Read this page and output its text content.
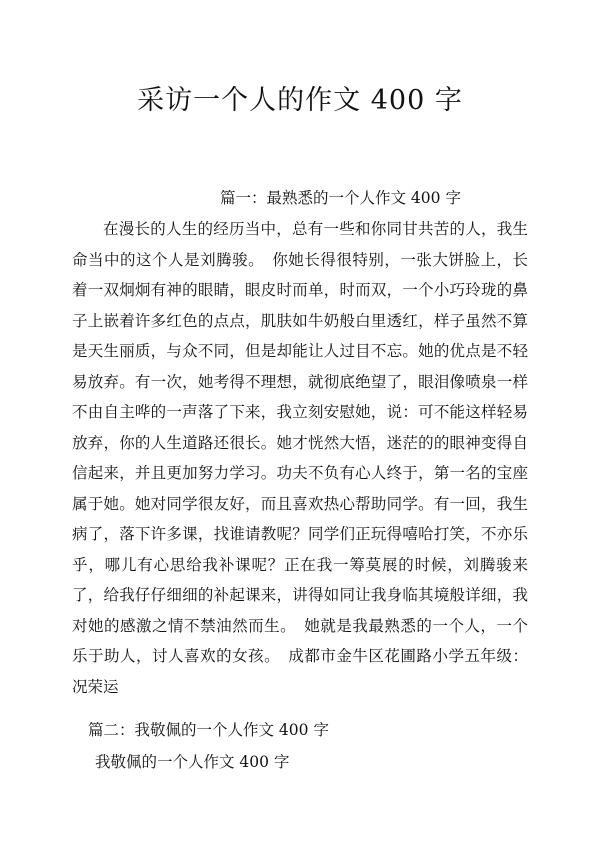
采访一个人的作文 400 字
篇一：最熟悉的一个人作文 400 字

在漫长的人生的经历当中，总有一些和你同甘共苦的人，我生命当中的这个人是刘腾骏。　你她长得很特别，一张大饼脸上，长着一双炯炯有神的眼睛，眼皮时而单，时而双，一个小巧玲珑的鼻子上嵌着许多红色的点点，肌肤如牛奶般白里透红，样子虽然不算是天生丽质，与众不同，但是却能让人过目不忘。她的优点是不轻易放弃。有一次，她考得不理想，就彻底绝望了，眼泪像喷泉一样不由自主哗的一声落了下来，我立刻安慰她，说：可不能这样轻易放弃，你的人生道路还很长。她才恍然大悟，迷茫的的眼神变得自信起来，并且更加努力学习。功夫不负有心人终于，第一名的宝座属于她。她对同学很友好，而且喜欢热心帮助同学。有一回，我生病了，落下许多课，找谁请教呢？同学们正玩得嘻哈打笑，不亦乐乎，哪儿有心思给我补课呢？正在我一筹莫展的时候，刘腾骏来了，给我仔仔细细的补起课来，讲得如同让我身临其境般详细，我对她的感激之情不禁油然而生。　她就是我最熟悉的一个人，一个乐于助人，讨人喜欢的女孩。　成都市金牛区花圃路小学五年级：况荣运

篇二：我敬佩的一个人作文 400 字

我敬佩的一个人作文 400 字
